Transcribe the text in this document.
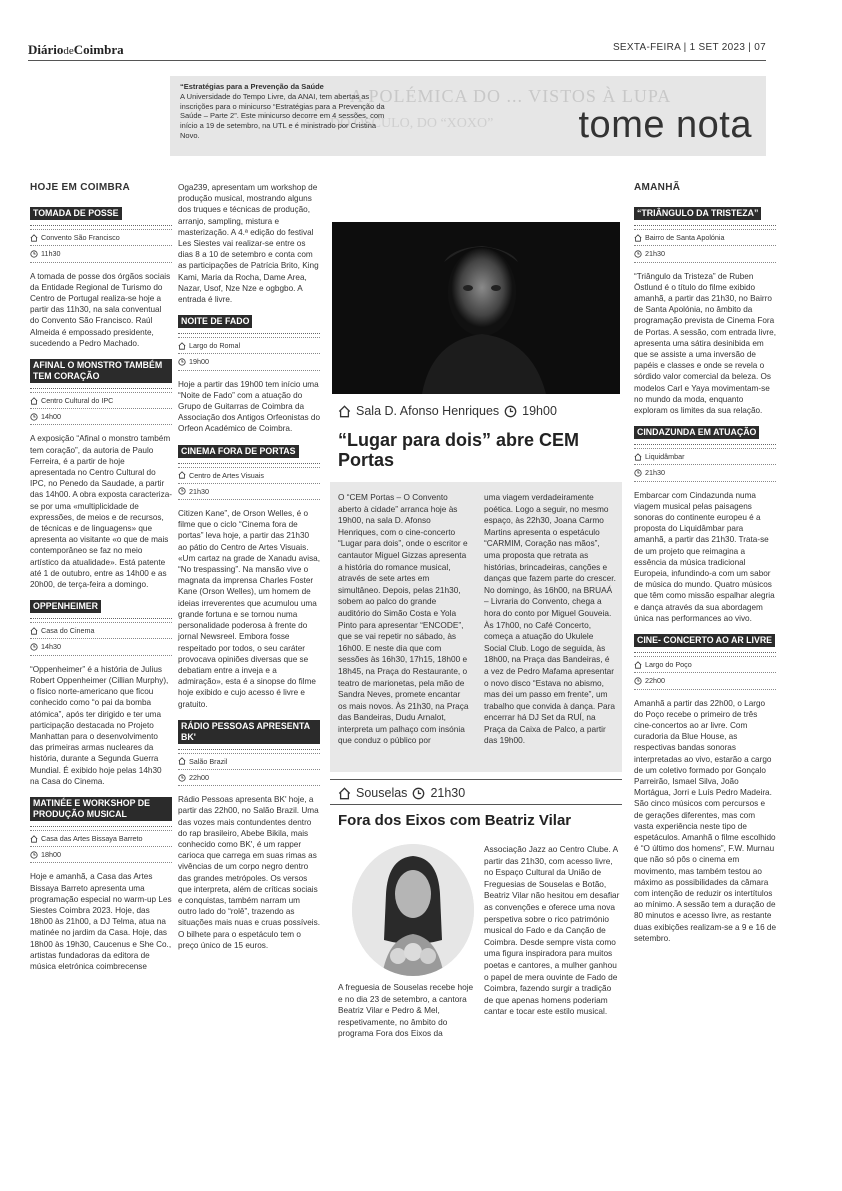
DiáriodeCoimbra	SEXTA-FEIRA | 1 SET 2023 | 07
A POLÉMICA DO ... VISTOS À LUPA
DO ÓSCULO, DO “XOXO”
“Estratégias para a Prevenção da Saúde
A Universidade do Tempo Livre, da ANAI, tem abertas as inscrições para o minicurso “Estratégias para a Prevenção da Saúde – Parte 2”. Este minicurso decorre em 4 sessões, com início a 19 de setembro, na UTL e é ministrado por Cristina Novo.	tome nota
HOJE EM COIMBRA
TOMADA DE POSSE
Convento São Francisco
11h30

A tomada de posse dos órgãos sociais da Entidade Regional de Turismo do Centro de Portugal realiza-se hoje a partir das 11h30, na sala conventual do Convento São Francisco. Raúl Almeida é empossado presidente, sucedendo a Pedro Machado.

AFINAL O MONSTRO TAMBÉM TEM CORAÇÃO
Centro Cultural do IPC
14h00

A exposição “Afinal o monstro também tem coração”, da autoria de Paulo Ferreira, é a partir de hoje apresentada no Centro Cultural do IPC, no Penedo da Saudade, a partir das 14h00. A obra exposta caracteriza-se por uma «multiplicidade de expressões, de meios e de recursos, de técnicas e de linguagens» que apresenta ao visitante «o que de mais contemporâneo se faz no meio artístico da atualidade». Está patente até 1 de outubro, entre as 14h00 e as 20h00, de terça-feira a domingo.

OPPENHEIMER
Casa do Cinema
14h30

“Oppenheimer” é a história de Julius Robert Oppenheimer (Cillian Murphy), o físico norte-americano que ficou conhecido como “o pai da bomba atómica”, após ter dirigido e ter uma participação destacada no Projeto Manhattan para o desenvolvimento das primeiras armas nucleares da história, durante a Segunda Guerra Mundial. É exibido hoje pelas 14h30 na Casa do Cinema.

MATINÉE E WORKSHOP DE PRODUÇÃO MUSICAL
Casa das Artes Bissaya Barreto
18h00

Hoje e amanhã, a Casa das Artes Bissaya Barreto apresenta uma programação especial no warm-up Les Siestes Coimbra 2023. Hoje, das 18h00 às 21h00, a DJ Telma, atua na matinée no jardim da Casa. Hoje, das 18h00 às 19h30, Caucenus e She Co., artistas fundadoras da editora de música eletrónica coimbrecense

Oga239, apresentam um workshop de produção musical, mostrando alguns dos truques e técnicas de produção, arranjo, sampling, mistura e masterização. A 4.ª edição do festival Les Siestes vai realizar-se entre os dias 8 a 10 de setembro e conta com as participações de Patrícia Brito, King Kami, Maria da Rocha, Dame Area, Nazar, Usof, Nze Nze e ogbgbo. A entrada é livre.

NOITE DE FADO
Largo do Romal
19h00

Hoje a partir das 19h00 tem início uma “Noite de Fado” com a atuação do Grupo de Guitarras de Coimbra da Associação dos Antigos Orfeonistas do Orfeon Académico de Coimbra.

CINEMA FORA DE PORTAS
Centro de Artes Visuais
21h30

Citizen Kane”, de Orson Welles, é o filme que o ciclo “Cinema fora de portas” leva hoje, a partir das 21h30 ao pátio do Centro de Artes Visuais. «Um cartaz na grade de Xanadu avisa, “No trespassing”. Na mansão vive o magnata da imprensa Charles Foster Kane (Orson Welles), um homem de ideias irreverentes que acumulou uma grande fortuna e se tornou numa personalidade poderosa à frente do jornal Newsreel. Embora fosse respeitado por todos, o seu caráter provocava opiniões diversas que se debatiam entre a inveja e a admiração», esta é a sinopse do filme hoje exibido e cujo acesso é livre e gratuito.

RÁDIO PESSOAS APRESENTA BK'
Salão Brazil
22h00

Rádio Pessoas apresenta BK' hoje, a partir das 22h00, no Salão Brazil. Uma das vozes mais contundentes dentro do rap brasileiro, Abebe Bikila, mais conhecido como BK', é um rapper carioca que carrega em suas rimas as vivências de um corpo negro dentro das grandes metrópoles. Os versos que interpreta, além de críticas sociais e conquistas, também narram um outro lado do “rolê”, trazendo as situações mais nuas e cruas possíveis. O bilhete para o espetáculo tem o preço único de 15 euros.

Sala D. Afonso Henriques 19h00
“Lugar para dois” abre CEM Portas
O “CEM Portas – O Convento aberto à cidade” arranca hoje às 19h00, na sala D. Afonso Henriques, com o cine-concerto “Lugar para dois”, onde o escritor e cantautor Miguel Gizzas apresenta a história do romance musical, através de sete artes em simultâneo. Depois, pelas 21h30, sobem ao palco do grande auditório do Simão Costa e Yola Pinto para apresentar “ENCODE”, que se vai repetir no sábado, às 16h00. E neste dia que com sessões às 16h30, 17h15, 18h00 e 18h45, na Praça do Restaurante, o teatro de marionetas, pela mão de Sandra Neves, promete encantar os mais novos. Às 21h30, na Praça das Bandeiras, Dudu Arnalot, interpreta um palhaço com insónia que conduz o público por
uma viagem verdadeiramente poética. Logo a seguir, no mesmo espaço, às 22h30, Joana Carmo Martins apresenta o espetáculo “CARMIM, Coração nas mãos”, uma proposta que retrata as histórias, brincadeiras, canções e danças que fazem parte do crescer. No domingo, às 16h00, na BRUAÁ – Livraria do Convento, chega a hora do conto por Miguel Gouveia. Às 17h00, no Café Concerto, começa a atuação do Ukulele Social Club. Logo de seguida, às 18h00, na Praça das Bandeiras, é a vez de Pedro Mafama apresentar o novo disco “Estava no abismo, mas dei um passo em frente”, um trabalho que convida à dança. Para encerrar há DJ Set da RUÍ, na Praça da Caixa de Palco, a partir das 19h00.
Souselas 21h30
Fora dos Eixos com Beatriz Vilar
A freguesia de Souselas recebe hoje e no dia 23 de setembro, a cantora Beatriz Vilar e Pedro & Mel, respetivamente, no âmbito do programa Fora dos Eixos da
Associação Jazz ao Centro Clube. A partir das 21h30, com acesso livre, no Espaço Cultural da União de Freguesias de Souselas e Botão, Beatriz Vilar não hesitou em desafiar as convenções e oferece uma nova perspetiva sobre o rico património musical do Fado e da Canção de Coimbra. Desde sempre vista como uma figura inspiradora para muitos poetas e cantores, a mulher ganhou o papel de mera ouvinte de Fado de Coimbra, fazendo surgir a tradição de que apenas homens poderiam cantar e tocar este estilo musical.
AMANHÃ
“TRIÂNGULO DA TRISTEZA”
Bairro de Santa Apolónia
21h30

“Triângulo da Tristeza” de Ruben Östlund é o título do filme exibido amanhã, a partir das 21h30, no Bairro de Santa Apolónia, no âmbito da programação prevista de Cinema Fora de Portas. A sessão, com entrada livre, apresenta uma sátira desinibida em que se assiste a uma inversão de papéis e classes e onde se revela o sórdido valor comercial da beleza. Os modelos Carl e Yaya movimentam-se no mundo da moda, enquanto exploram os limites da sua relação.

CINDAZUNDA EM ATUAÇÃO
Liquidâmbar
21h30

Embarcar com Cindazunda numa viagem musical pelas paisagens sonoras do continente europeu é a proposta do Liquidâmbar para amanhã, a partir das 21h30. Trata-se de um projeto que reimagina a essência da música tradicional Europeia, infundindo-a com um sabor de música do mundo. Quatro músicos que têm como missão espalhar alegria e dança através da sua abordagem única nas performances ao vivo.

CINE- CONCERTO AO AR LIVRE
Largo do Poço
22h00

Amanhã a partir das 22h00, o Largo do Poço recebe o primeiro de três cine-concertos ao ar livre. Com curadoria da Blue House, as respectivas bandas sonoras interpretadas ao vivo, estarão a cargo de um coletivo formado por Gonçalo Parreirão, Ismael Silva, João Mortágua, Jorri e Luís Pedro Madeira. São cinco músicos com percursos e de gerações diferentes, mas com vasta experiência neste tipo de espetáculos. Amanhã o filme escolhido é “O último dos homens”, F.W. Murnau que não só pôs o cinema em movimento, mas também testou ao máximo as possibilidades da câmara com intenção de reduzir os intertítulos ao mínimo. A sessão tem a duração de 80 minutos e acesso livre, as restante duas exibições realizam-se a 9 e 16 de setembro.
